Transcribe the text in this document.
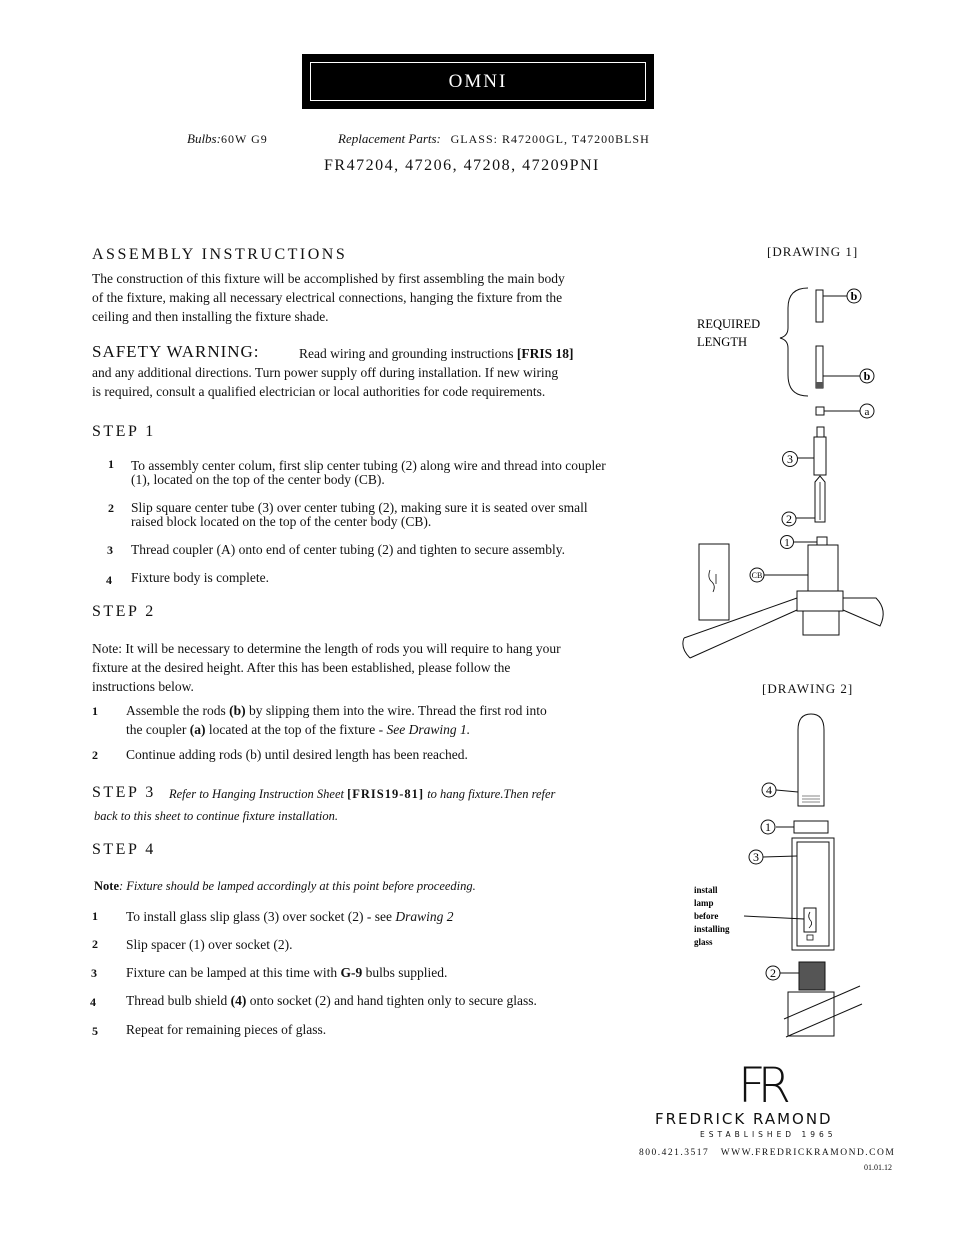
OMNI
Bulbs:60W G9	Replacement Parts: GLASS: R47200GL, T47200BLSH
FR47204, 47206, 47208, 47209PNI
ASSEMBLY INSTRUCTIONS
The construction of this fixture will be accomplished by first assembling the main body
of the fixture, making all necessary electrical connections, hanging the fixture from the
ceiling and then installing the fixture shade.
SAFETY WARNING:	Read wiring and grounding instructions [FRIS 18]
and any additional directions. Turn power supply off during installation. If new wiring
is required, consult a qualified electrician or local authorities for code requirements.
STEP 1
1 To assembly center colum, first slip center tubing (2) along wire and thread into coupler
(1), located on the top of the center body (CB).
2 Slip square center tube (3) over center tubing (2), making sure it is seated over small
raised block located on the top of the center body (CB).
3 Thread coupler (A) onto end of center tubing (2) and tighten to secure assembly.
4 Fixture body is complete.
STEP 2
Note: It will be necessary to determine the length of rods you will require to hang your
fixture at the desired height. After this has been established, please follow the
instructions below.
1 Assemble the rods (b) by slipping them into the wire. Thread the first rod into
the coupler (a) located at the top of the fixture - See Drawing 1.
2 Continue adding rods (b) until desired length has been reached.
STEP 3 Refer to Hanging Instruction Sheet [FRIS19-81] to hang fixture.Then refer
back to this sheet to continue fixture installation.
STEP 4
Note: Fixture should be lamped accordingly at this point before proceeding.
1 To install glass slip glass (3) over socket (2) - see Drawing 2
2 Slip spacer (1) over socket (2).
3 Fixture can be lamped at this time with G-9 bulbs supplied.
4 Thread bulb shield (4) onto socket (2) and hand tighten only to secure glass.
5 Repeat for remaining pieces of glass.
[DRAWING 1]
REQUIRED
LENGTH
b
b
a
3
2
1
CB
[DRAWING 2]
4
1
3
install lamp before installing glass
2
FR
FREDRICK RAMOND
ESTABLISHED 1965
800.421.3517   WWW.FREDRICKRAMOND.COM
01.01.12
